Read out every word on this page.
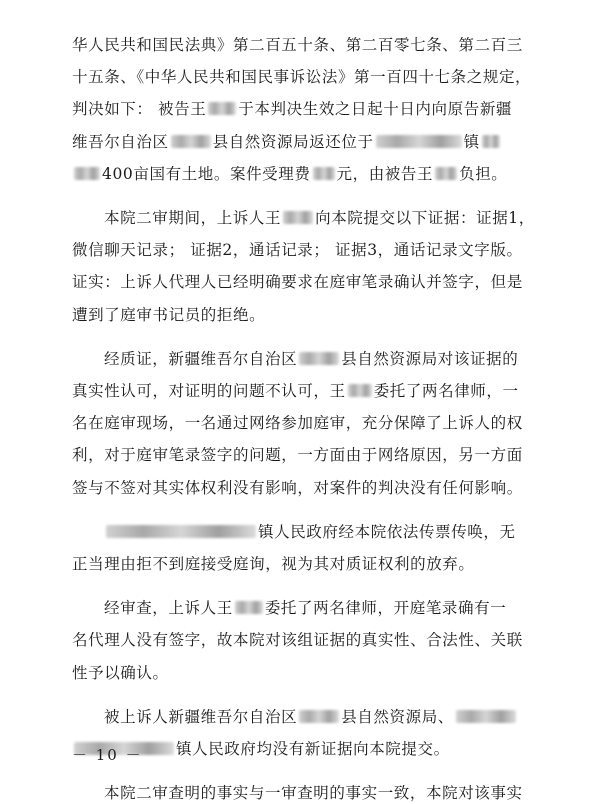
华人民共和国民法典》第二百五十条、第二百零七条、第二百三
十五条、《中华人民共和国民事诉讼法》第一百四十七条之规定，
判决如下： 被告王 于本判决生效之日起十日内向原告新疆
维吾尔自治区	县自然资源局返还位于	镇
400亩国有土地。案件受理费 元，由被告王 负担。
本院二审期间，上诉人王 向本院提交以下证据：证据1，
微信聊天记录； 证据2，通话记录； 证据3，通话记录文字版。
证实：上诉人代理人已经明确要求在庭审笔录确认并签字，但是
遭到了庭审书记员的拒绝。
经质证，新疆维吾尔自治区	县自然资源局对该证据的
真实性认可，对证明的问题不认可，王 委托了两名律师，一
名在庭审现场，一名通过网络参加庭审，充分保障了上诉人的权
利，对于庭审笔录签字的问题，一方面由于网络原因，另一方面
签与不签对其实体权利没有影响，对案件的判决没有任何影响。
镇人民政府经本院依法传票传唤，无
正当理由拒不到庭接受庭询，视为其对质证权利的放弃。
经审查，上诉人王 委托了两名律师，开庭笔录确有一
名代理人没有签字，故本院对该组证据的真实性、合法性、关联
性予以确认。
被上诉人新疆维吾尔自治区	县自然资源局、
镇人民政府均没有新证据向本院提交。
本院二审查明的事实与一审查明的事实一致，本院对该事实
－ 10 －
